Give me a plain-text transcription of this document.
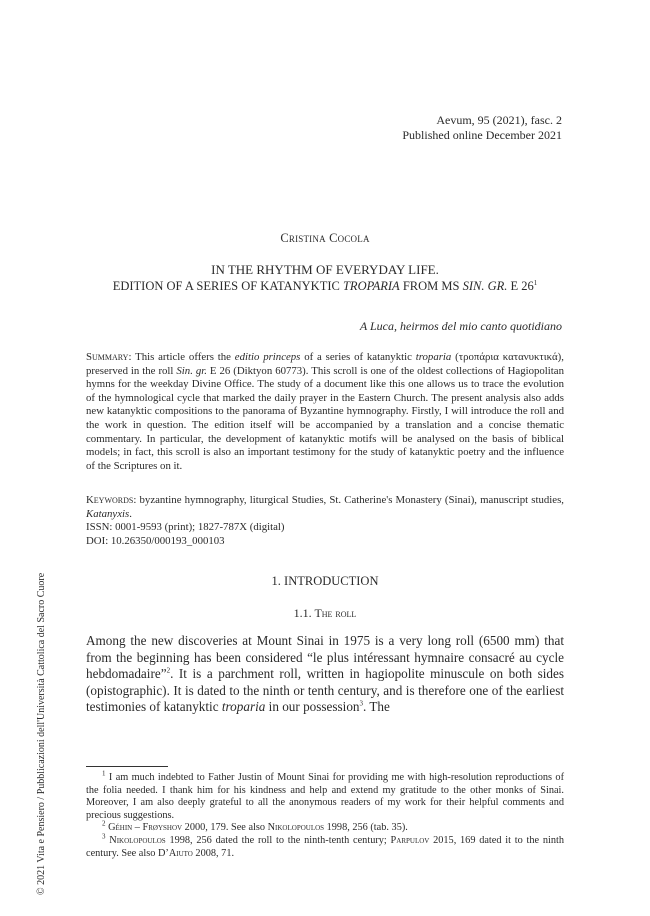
Aevum, 95 (2021), fasc. 2
Published online December 2021
Cristina Cocola
IN THE RHYTHM OF EVERYDAY LIFE.
EDITION OF A SERIES OF KATANYKTIC TROPARIA FROM MS SIN. GR. E $26^1$
A Luca, heirmos del mio canto quotidiano

Summary: This article offers the editio princeps of a series of katanyktic troparia (τροπάρια κατανυκτικά), preserved in the roll Sin. gr. E 26 (Diktyon 60773). This scroll is one of the oldest collections of Hagiopolitan hymns for the weekday Divine Office. The study of a document like this one allows us to trace the evolution of the hymnological cycle that marked the daily prayer in the Eastern Church. The present analysis also adds new katanyktic compositions to the panorama of Byzantine hymnography. Firstly, I will introduce the roll and the work in question. The edition itself will be accompanied by a translation and a concise thematic commentary. In particular, the development of katanyktic motifs will be analysed on the basis of biblical models; in fact, this scroll is also an important testimony for the study of katanyktic poetry and the influence of the Scriptures on it.

Keywords: byzantine hymnography, liturgical Studies, St. Catherine's Monastery (Sinai), manuscript studies, Katanyxis.

ISSN: 0001-9593 (print); 1827-787X (digital)
DOI: 10.26350/000193_000103
1. INTRODUCTION
1.1. The roll

Among the new discoveries at Mount Sinai in 1975 is a very long roll (6500 mm) that from the beginning has been considered “le plus intéressant hymnaire consacré au cycle hebdomadaire”$^2$. It is a parchment roll, written in hagiopolite minuscule on both sides (opistographic). It is dated to the ninth or tenth century, and is therefore one of the earliest testimonies of katanyktic troparia in our possession$^3$. The

$^1$ I am much indebted to Father Justin of Mount Sinai for providing me with high-resolution reproductions of the folia needed. I thank him for his kindness and help and extend my gratitude to the other monks of Sinai. Moreover, I am also deeply grateful to all the anonymous readers of my work for their helpful comments and precious suggestions.

$^2$ Géhin – Frøyshov 2000, 179. See also Nikolopoulos 1998, 256 (tab. 35).

$^3$ Nikolopoulos 1998, 256 dated the roll to the ninth-tenth century; Parpulov 2015, 169 dated it to the ninth century. See also D’Aiuto 2008, 71.

© 2021 Vita e Pensiero / Pubblicazioni dell'Università Cattolica del Sacro Cuore
